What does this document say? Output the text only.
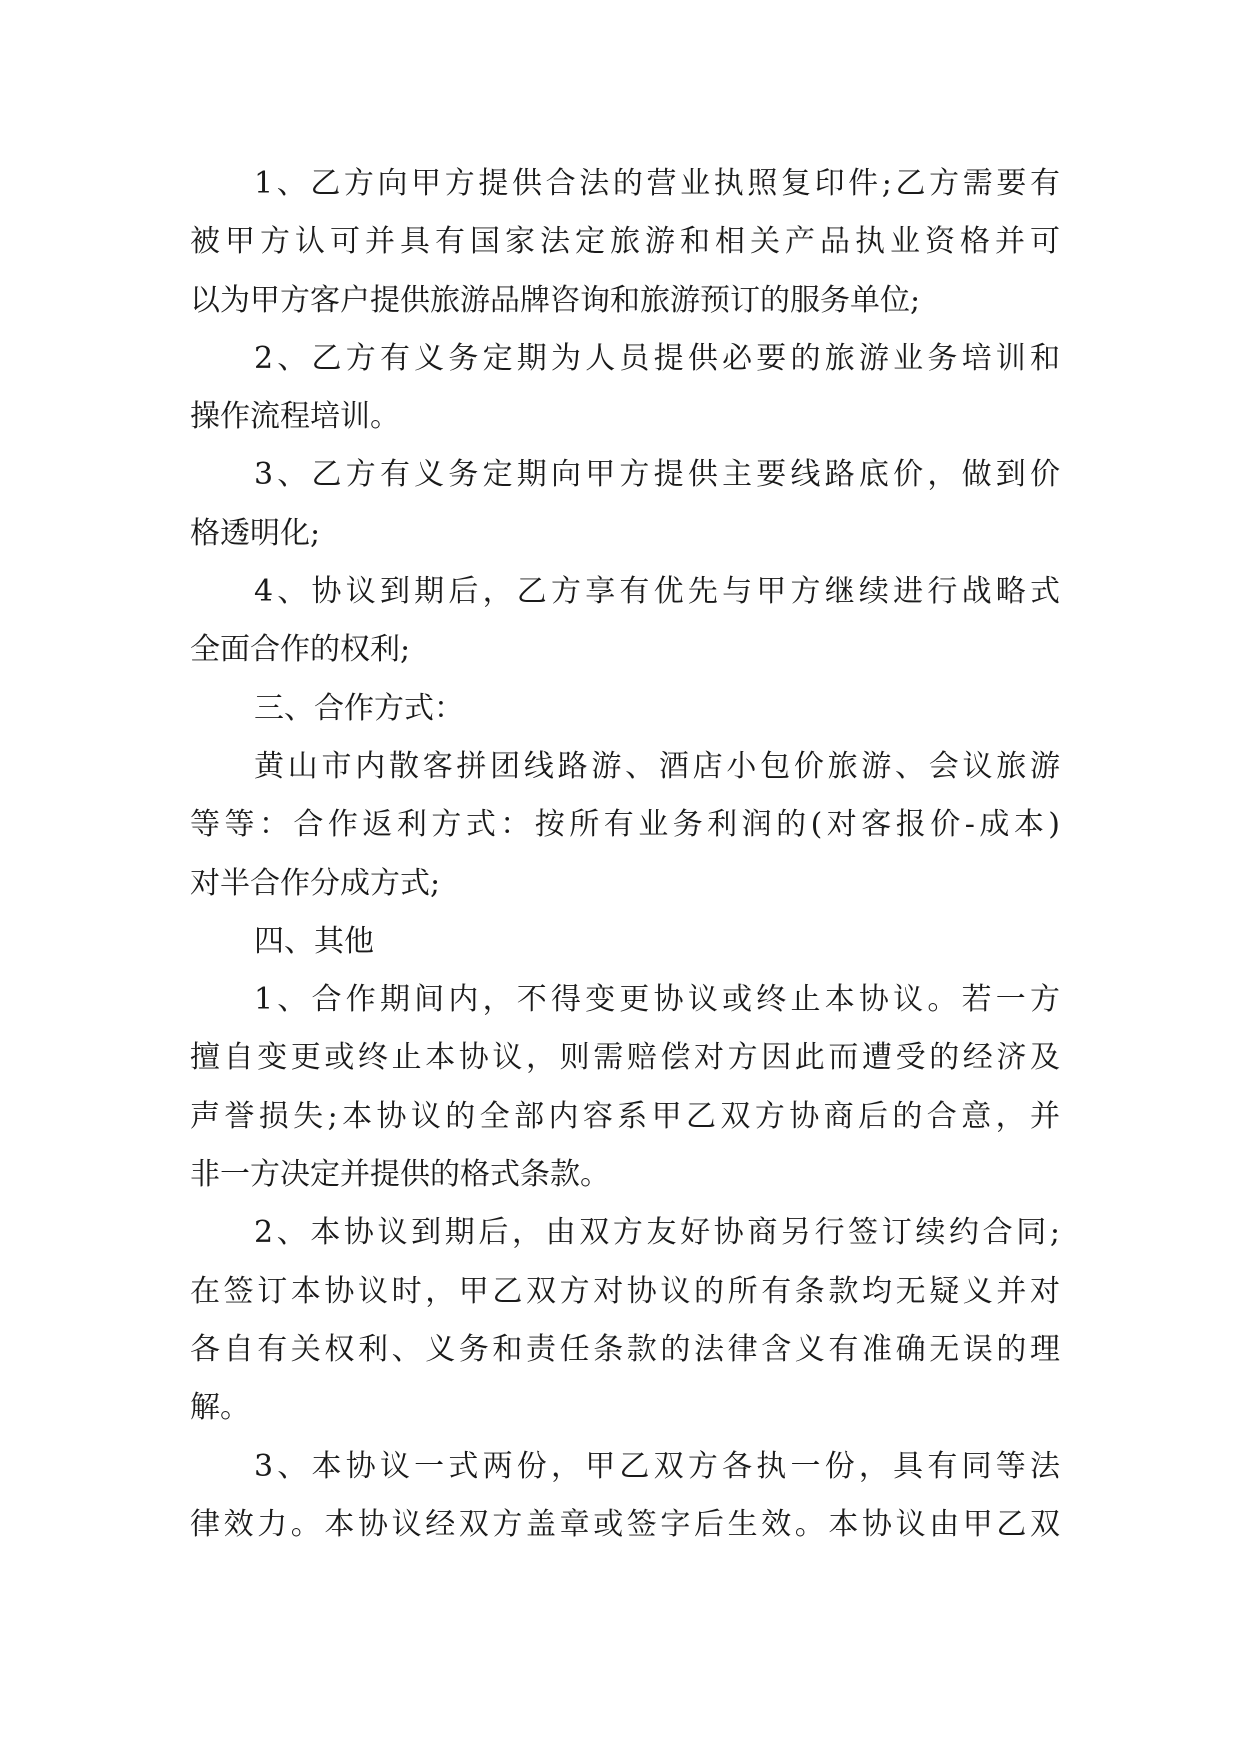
1、乙方向甲方提供合法的营业执照复印件;乙方需要有
被甲方认可并具有国家法定旅游和相关产品执业资格并可
以为甲方客户提供旅游品牌咨询和旅游预订的服务单位;
2、乙方有义务定期为人员提供必要的旅游业务培训和
操作流程培训。
3、乙方有义务定期向甲方提供主要线路底价，做到价
格透明化;
4、协议到期后，乙方享有优先与甲方继续进行战略式
全面合作的权利;
三、合作方式：
黄山市内散客拼团线路游、酒店小包价旅游、会议旅游
等等：合作返利方式：按所有业务利润的(对客报价-成本)
对半合作分成方式;
四、其他
1、合作期间内，不得变更协议或终止本协议。若一方
擅自变更或终止本协议，则需赔偿对方因此而遭受的经济及
声誉损失;本协议的全部内容系甲乙双方协商后的合意，并
非一方决定并提供的格式条款。
2、本协议到期后，由双方友好协商另行签订续约合同;
在签订本协议时，甲乙双方对协议的所有条款均无疑义并对
各自有关权利、义务和责任条款的法律含义有准确无误的理
解。
3、本协议一式两份，甲乙双方各执一份，具有同等法
律效力。本协议经双方盖章或签字后生效。本协议由甲乙双
